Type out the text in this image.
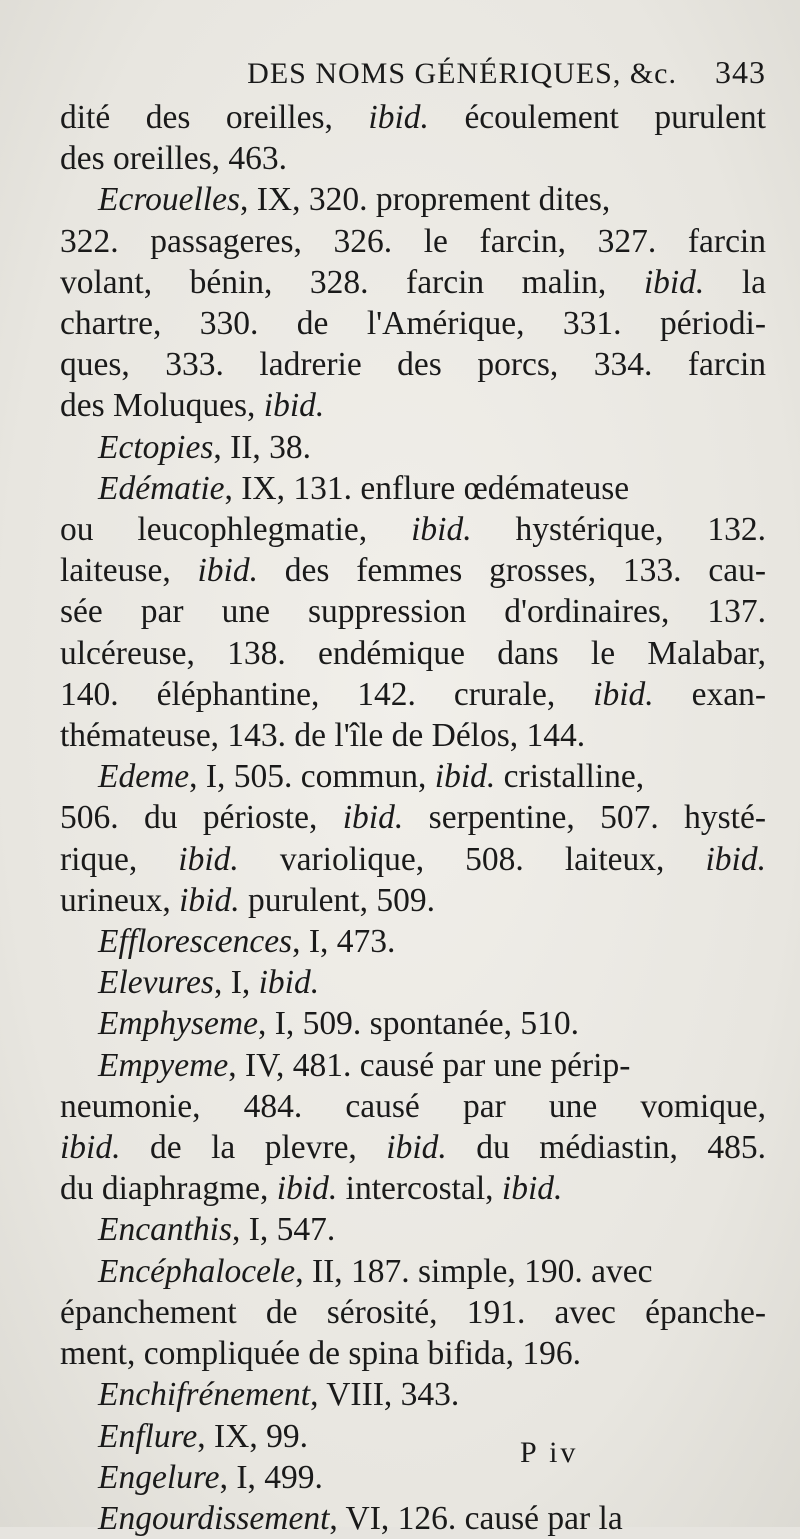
DES NOMS GÉNÉRIQUES, &c. 343
dité des oreilles, ibid. écoulement purulent
des oreilles, 463.
Ecrouelles, IX, 320. proprement dites,
322. passageres, 326. le farcin, 327. farcin
volant, bénin, 328. farcin malin, ibid. la
chartre, 330. de l'Amérique, 331. périodi-
ques, 333. ladrerie des porcs, 334. farcin
des Moluques, ibid.
Ectopies, II, 38.
Edématie, IX, 131. enflure œdémateuse
ou leucophlegmatie, ibid. hystérique, 132.
laiteuse, ibid. des femmes grosses, 133. cau-
sée par une suppression d'ordinaires, 137.
ulcéreuse, 138. endémique dans le Malabar,
140. éléphantine, 142. crurale, ibid. exan-
thémateuse, 143. de l'île de Délos, 144.
Edeme, I, 505. commun, ibid. cristalline,
506. du périoste, ibid. serpentine, 507. hysté-
rique, ibid. variolique, 508. laiteux, ibid.
urineux, ibid. purulent, 509.
Efflorescences, I, 473.
Elevures, I, ibid.
Emphyseme, I, 509. spontanée, 510.
Empyeme, IV, 481. causé par une périp-
neumonie, 484. causé par une vomique,
ibid. de la plevre, ibid. du médiastin, 485.
du diaphragme, ibid. intercostal, ibid.
Encanthis, I, 547.
Encéphalocele, II, 187. simple, 190. avec
épanchement de sérosité, 191. avec épanche-
ment, compliquée de spina bifida, 196.
Enchifrénement, VIII, 343.
Enflure, IX, 99.
Engelure, I, 499.
Engourdissement, VI, 126. causé par la
P iv
